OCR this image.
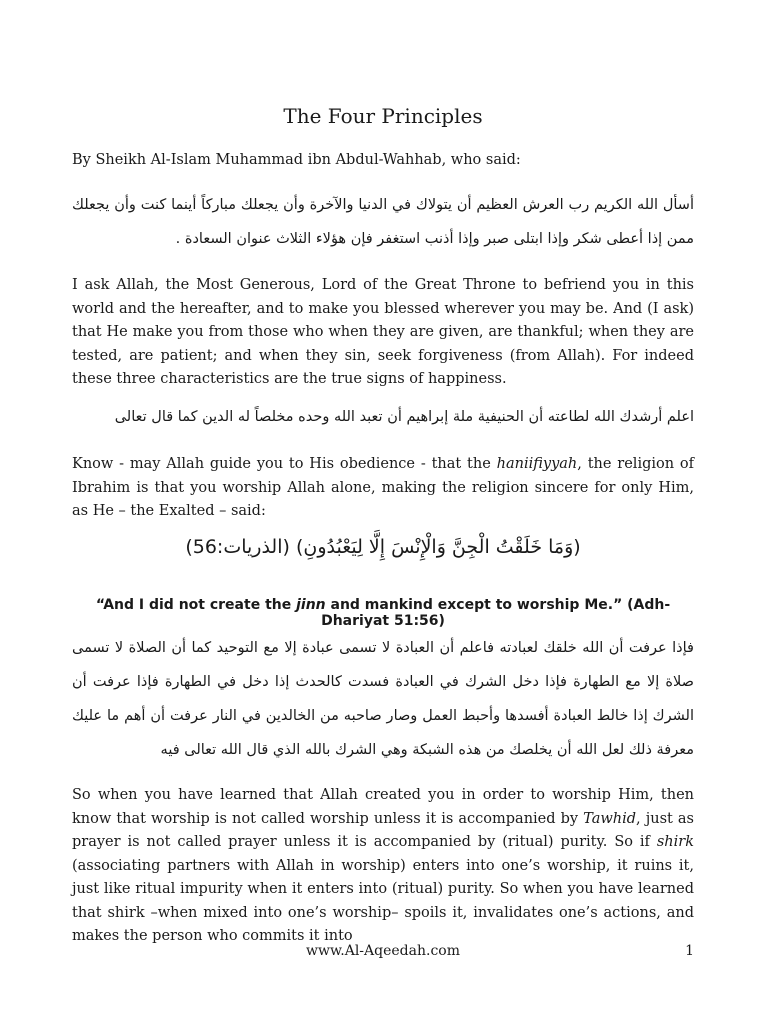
The Four Principles
By Sheikh Al-Islam Muhammad ibn Abdul-Wahhab, who said:
أسأل الله الكريم رب العرش العظيم أن يتولاك في الدنيا والآخرة وأن يجعلك مباركاً أينما كنت وأن يجعلك ممن إذا أعطى شكر وإذا ابتلى صبر وإذا أذنب استغفر فإن هؤلاء الثلاث عنوان السعادة .
I ask Allah, the Most Generous, Lord of the Great Throne to befriend you in this world and the hereafter, and to make you blessed wherever you may be. And (I ask) that He make you from those who when they are given, are thankful; when they are tested, are patient; and when they sin, seek forgiveness (from Allah). For indeed these three characteristics are the true signs of happiness.
اعلم أرشدك الله لطاعته أن الحنيفية ملة إبراهيم أن تعبد الله وحده مخلصاً له الدين كما قال تعالى
Know - may Allah guide you to His obedience - that the haniifiyyah, the religion of Ibrahim is that you worship Allah alone, making the religion sincere for only Him, as He – the Exalted – said:
(وَمَا خَلَقْتُ الْجِنَّ وَالْإِنْسَ إِلَّا لِيَعْبُدُونِ) (الذريات:56)
“And I did not create the jinn and mankind except to worship Me.” (Adh-Dhariyat 51:56)
فإذا عرفت أن الله خلقك لعبادته فاعلم أن العبادة لا تسمى عبادة إلا مع التوحيد كما أن الصلاة لا تسمى صلاة إلا مع الطهارة فإذا دخل الشرك في العبادة فسدت كالحدث إذا دخل في الطهارة فإذا عرفت أن الشرك إذا خالط العبادة أفسدها وأحبط العمل وصار صاحبه من الخالدين في النار عرفت أن أهم ما عليك معرفة ذلك لعل الله أن يخلصك من هذه الشبكة وهي الشرك بالله الذي قال الله تعالى فيه
So when you have learned that Allah created you in order to worship Him, then know that worship is not called worship unless it is accompanied by Tawhid, just as prayer is not called prayer unless it is accompanied by (ritual) purity. So if shirk (associating partners with Allah in worship) enters into one’s worship, it ruins it, just like ritual impurity when it enters into (ritual) purity. So when you have learned that shirk –when mixed into one’s worship– spoils it, invalidates one’s actions, and makes the person who commits it into
www.Al-Aqeedah.com	1
